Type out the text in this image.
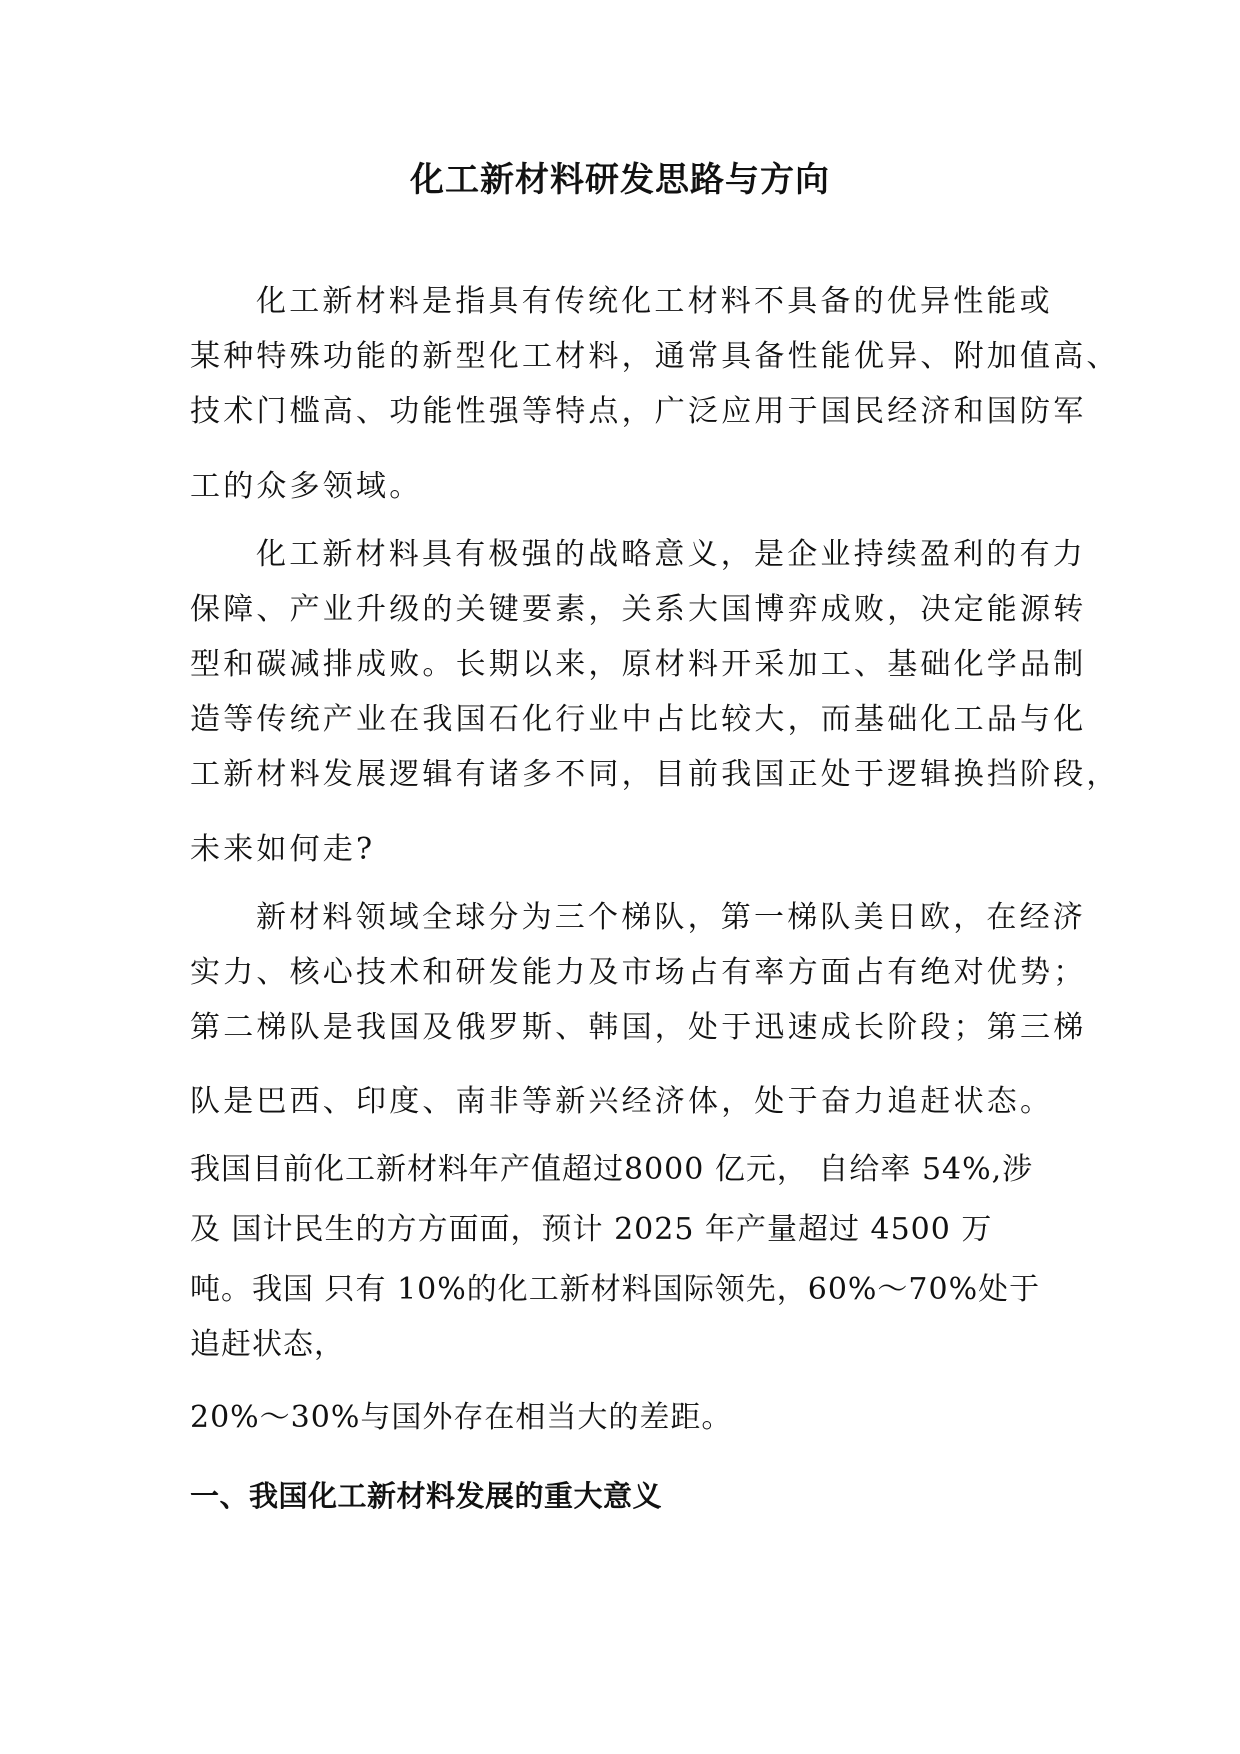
化工新材料研发思路与方向

化工新材料是指具有传统化工材料不具备的优异性能或

某种特殊功能的新型化工材料，通常具备性能优异、附加值高、

技术门槛高、功能性强等特点，广泛应用于国民经济和国防军

工的众多领域。

化工新材料具有极强的战略意义，是企业持续盈利的有力

保障、产业升级的关键要素，关系大国博弈成败，决定能源转

型和碳减排成败。长期以来，原材料开采加工、基础化学品制

造等传统产业在我国石化行业中占比较大，而基础化工品与化

工新材料发展逻辑有诸多不同，目前我国正处于逻辑换挡阶段，

未来如何走?

新材料领域全球分为三个梯队，第一梯队美日欧，在经济

实力、核心技术和研发能力及市场占有率方面占有绝对优势；

第二梯队是我国及俄罗斯、韩国，处于迅速成长阶段；第三梯

队是巴西、印度、南非等新兴经济体，处于奋力追赶状态。

我国目前化工新材料年产值超过8000 亿元， 自给率 54%,涉

及 国计民生的方方面面，预计 2025 年产量超过 4500 万

吨。我国 只有 10%的化工新材料国际领先，60%～70%处于

追赶状态，

20%～30%与国外存在相当大的差距。

一、我国化工新材料发展的重大意义
